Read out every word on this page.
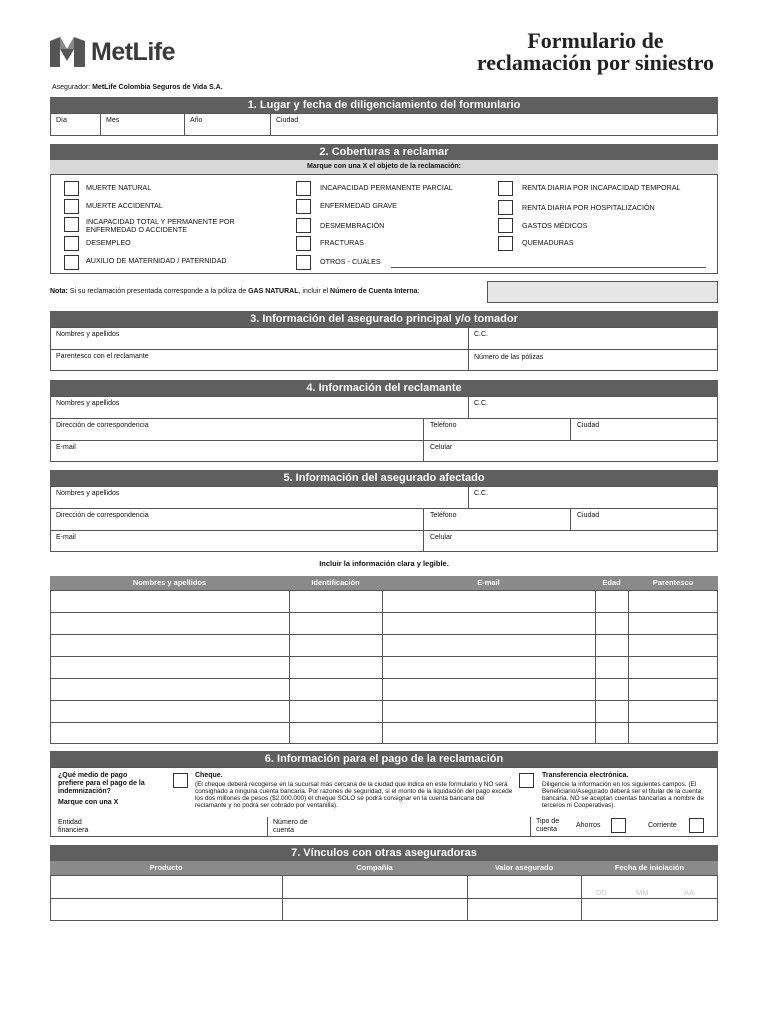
MetLife	Formulario de
reclamación por siniestro
Asegurador: MetLife Colombia Seguros de Vida S.A.
1. Lugar y fecha de diligenciamiento del formunlario
Día	Mes	Año	Ciudad
2. Coberturas a reclamar
Marque con una X el objeto de la reclamación:
MUERTE NATURAL
MUERTE ACCIDENTAL
INCAPACIDAD TOTAL Y PERMANENTE POR ENFERMEDAD O ACCIDENTE
DESEMPLEO
AUXILIO DE MATERNIDAD / PATERNIDAD
INCAPACIDAD PERMANENTE PARCIAL
ENFERMEDAD GRAVE
DESMEMBRACIÓN
FRACTURAS
OTROS - CUÁLES
RENTA DIARIA POR INCAPACIDAD TEMPORAL
RENTA DIARIA POR HOSPITALIZACIÓN
GASTOS MÉDICOS
QUEMADURAS
Nota: Si su reclamación presentada corresponde a la póliza de GAS NATURAL, incluir el Número de Cuenta Interna:
3. Información del asegurado principal y/o tomador
Nombres y apellidos	C.C.
Parentesco con el reclamante	Número de las pólizas
4. Información del reclamante
Nombres y apellidos	C.C.
Dirección de correspondencia	Teléfono	Ciudad
E-mail	Celular
5. Información del asegurado afectado
Nombres y apellidos	C.C.
Dirección de correspondencia	Teléfono	Ciudad
E-mail	Celular
Incluir la información clara y legible.
Nombres y apellidos	Identificación	E-mail	Edad	Parentesco
6. Información para el pago de la reclamación
¿Qué medio de pago prefiere para el pago de la indemnización?
Marque con una X
Cheque.
(El cheque deberá recogerse en la sucursal más cercana de la ciudad que indica en este formulario y NO será consignado a ninguna cuenta bancaria. Por razones de seguridad, si el monto de la liquidación del pago excede los dos millones de pesos ($2.000.000) el cheque SOLO se podrá consignar en la cuenta bancaria del reclamante y no podrá ser cobrado por ventanilla).
Transferencia electrónica.
Diligencie la información en los siguientes campos. (El Beneficiario/Asegurado deberá ser el titular de la cuenta bancaria. NO se aceptan cuentas bancarias a nombre de terceros ni Cooperativas).
Entidad financiera
Número de cuenta
Tipo de cuenta
Ahorros	Corriente
7. Vínculos con otras aseguradoras
Producto	Compañía	Valor asegurado	Fecha de iniciación
DD	MM	AA
